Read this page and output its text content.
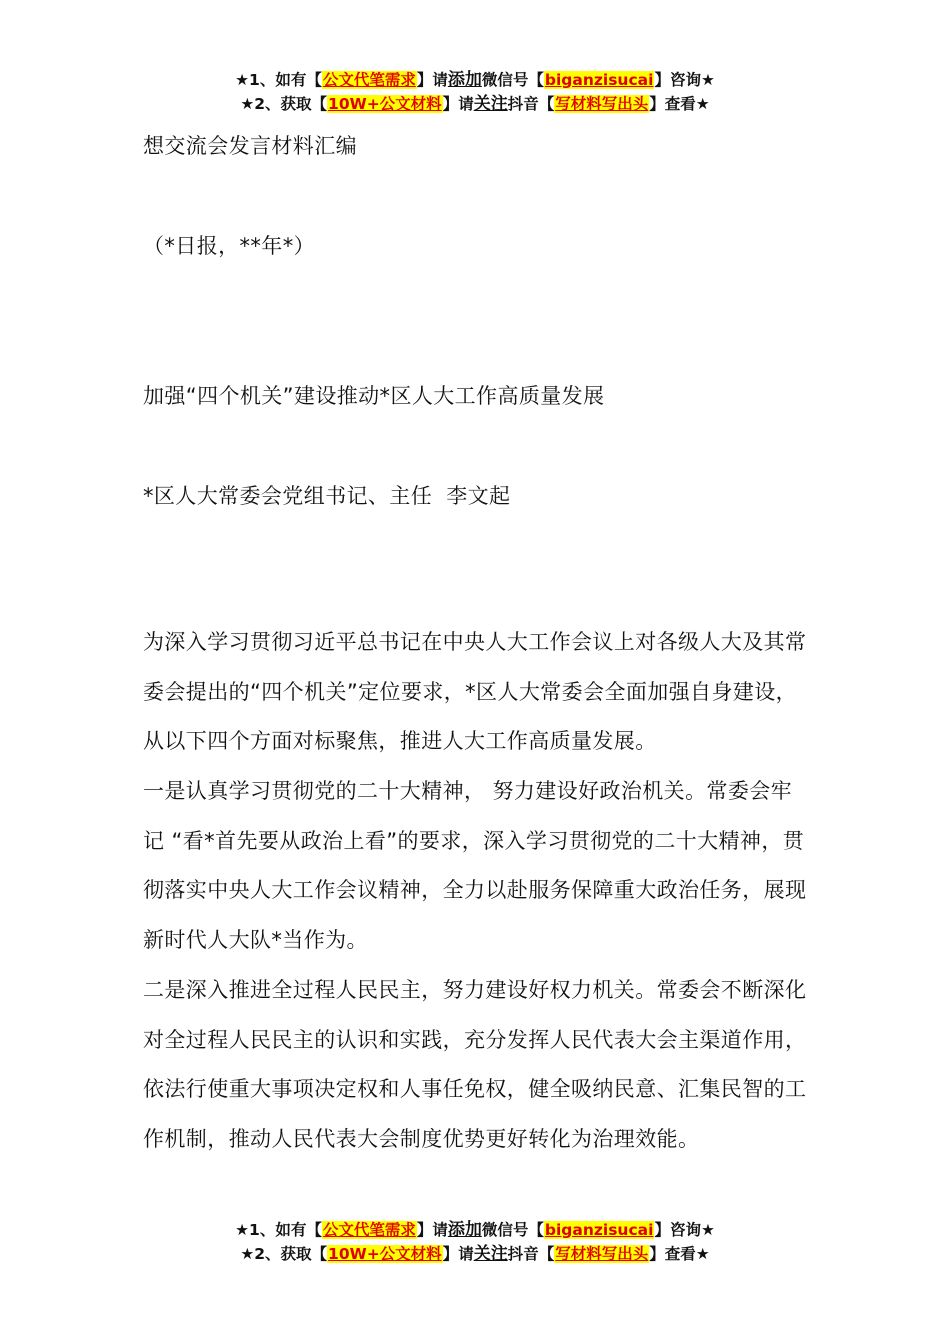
★1、如有【公文代笔需求】请添加微信号【biganzisucai】咨询★
★2、获取【10W+公文材料】请关注抖音【写材料写出头】查看★
想交流会发言材料汇编
（*日报，**年*）
加强“四个机关”建设推动*区人大工作高质量发展
*区人大常委会党组书记、主任  李文起
为深入学习贯彻习近平总书记在中央人大工作会议上对各级人大及其常委会提出的“四个机关”定位要求，*区人大常委会全面加强自身建设，从以下四个方面对标聚焦，推进人大工作高质量发展。
一是认真学习贯彻党的二十大精神， 努力建设好政治机关。常委会牢记 “看*首先要从政治上看”的要求，深入学习贯彻党的二十大精神，贯彻落实中央人大工作会议精神，全力以赴服务保障重大政治任务，展现新时代人大队*当作为。
二是深入推进全过程人民民主，努力建设好权力机关。常委会不断深化对全过程人民民主的认识和实践，充分发挥人民代表大会主渠道作用，依法行使重大事项决定权和人事任免权，健全吸纳民意、汇集民智的工作机制，推动人民代表大会制度优势更好转化为治理效能。
★1、如有【公文代笔需求】请添加微信号【biganzisucai】咨询★
★2、获取【10W+公文材料】请关注抖音【写材料写出头】查看★
